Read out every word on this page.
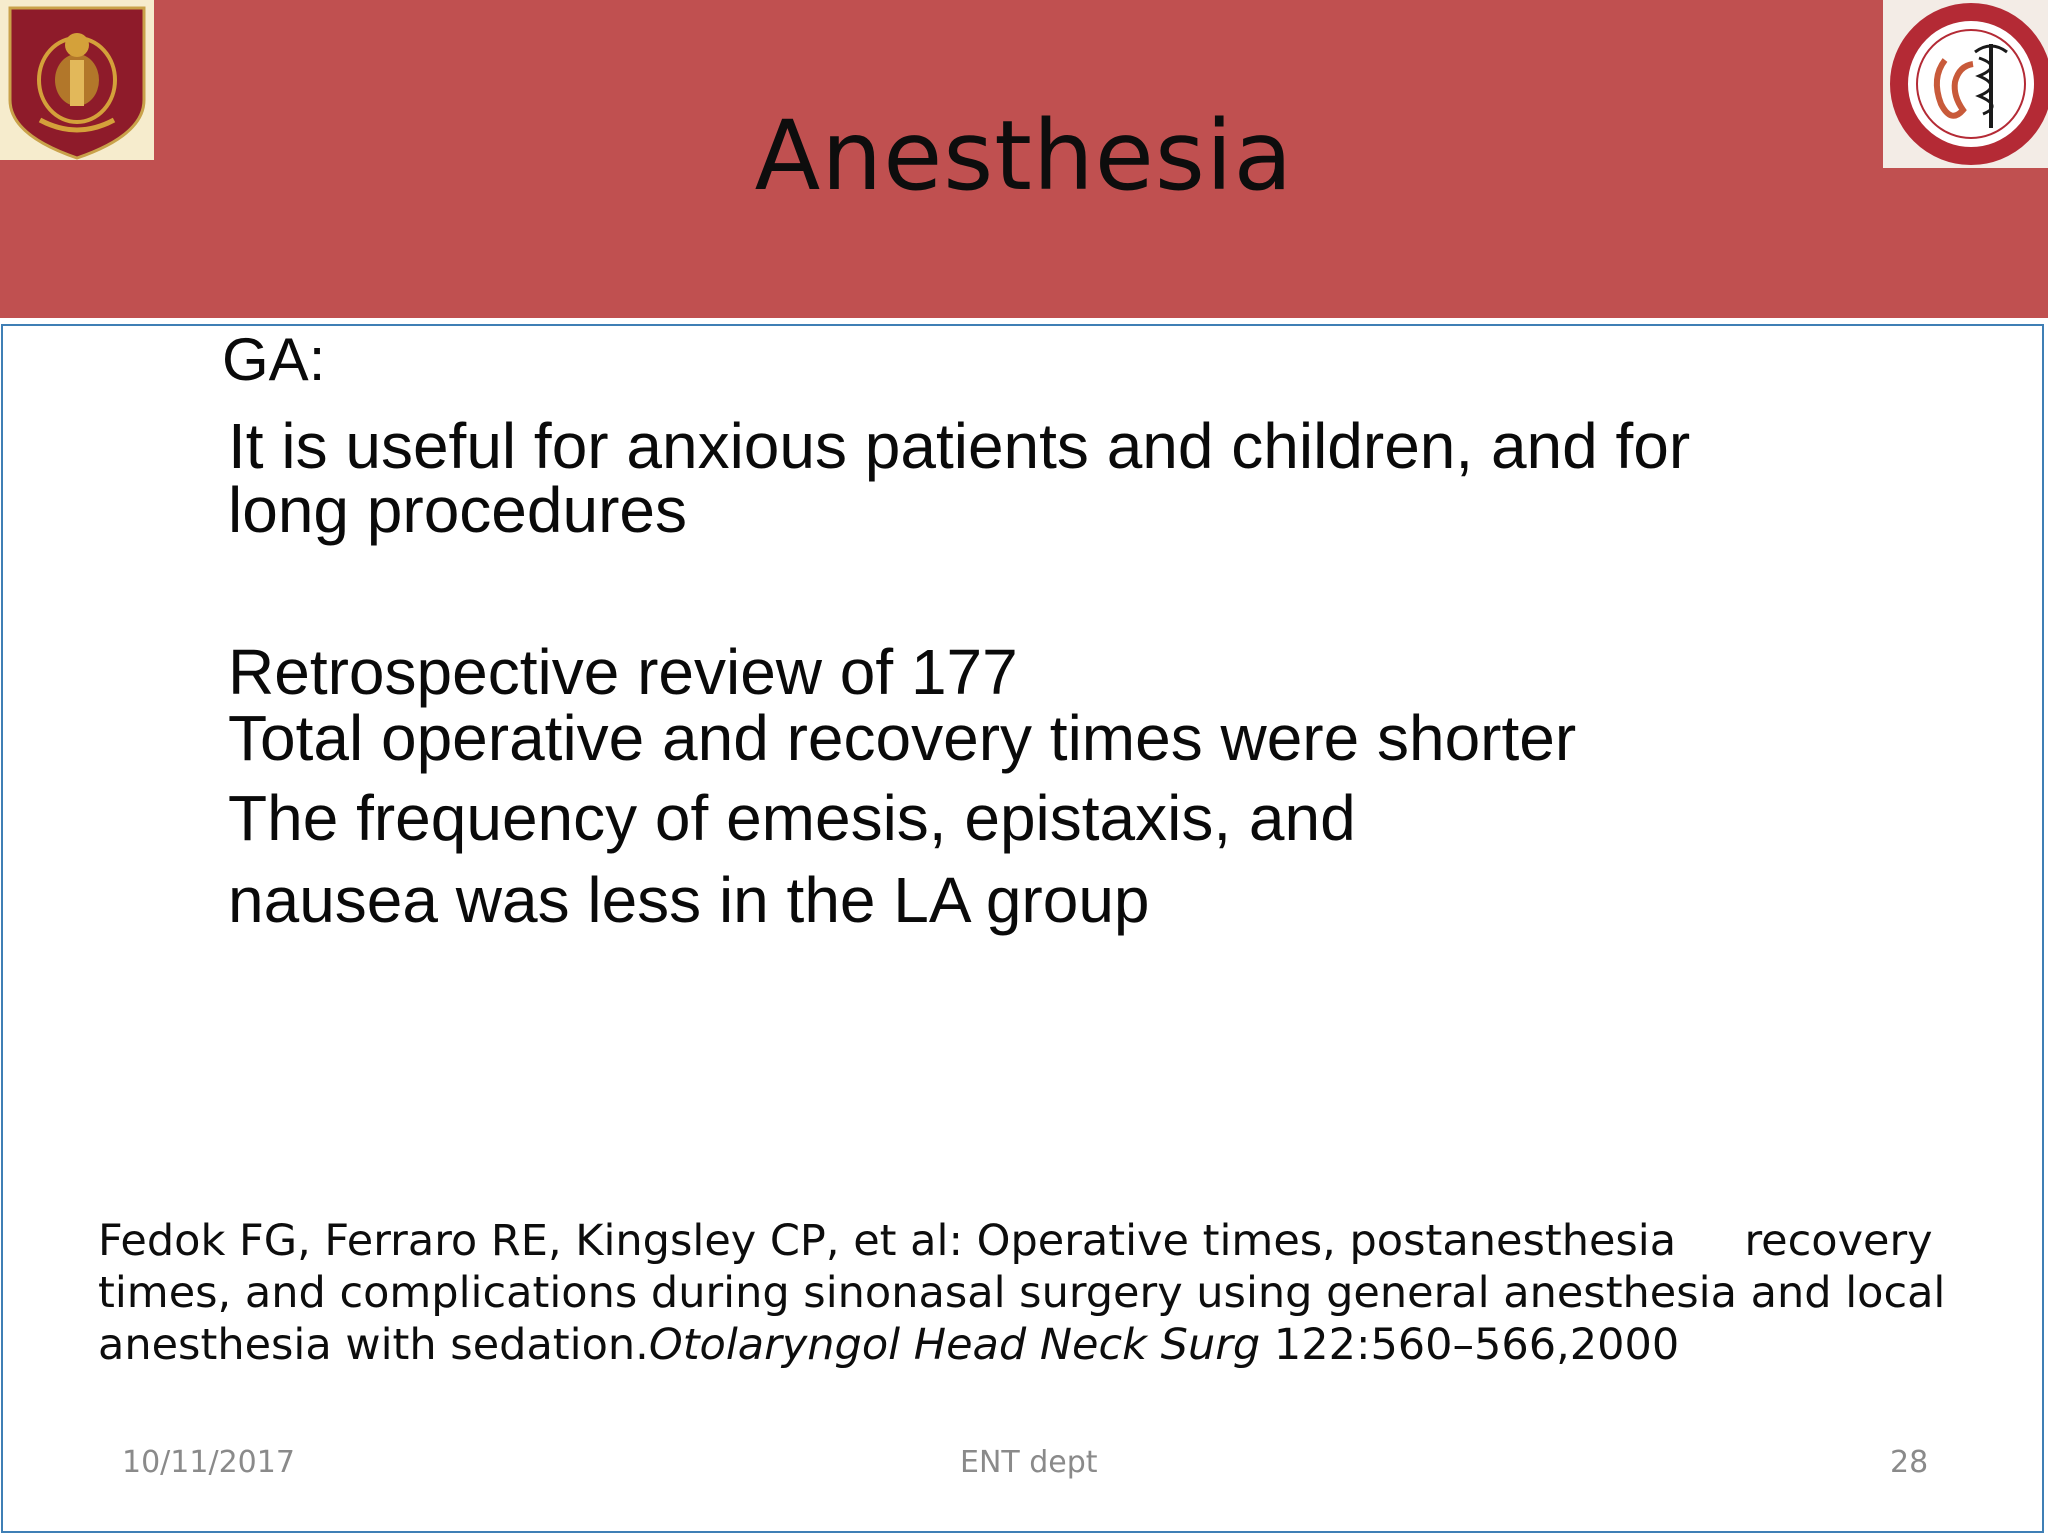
Anesthesia
GA:
It is useful for anxious patients and children, and for
long procedures
Retrospective review of 177
Total operative and recovery times were shorter
The frequency of emesis, epistaxis, and
nausea was less in the LA group
Fedok FG, Ferraro RE, Kingsley CP, et al: Operative times, postanesthesia     recovery
times, and complications during sinonasal surgery using general anesthesia and local
anesthesia with sedation.Otolaryngol Head Neck Surg 122:560–566,2000
10/11/2017	ENT dept	28
